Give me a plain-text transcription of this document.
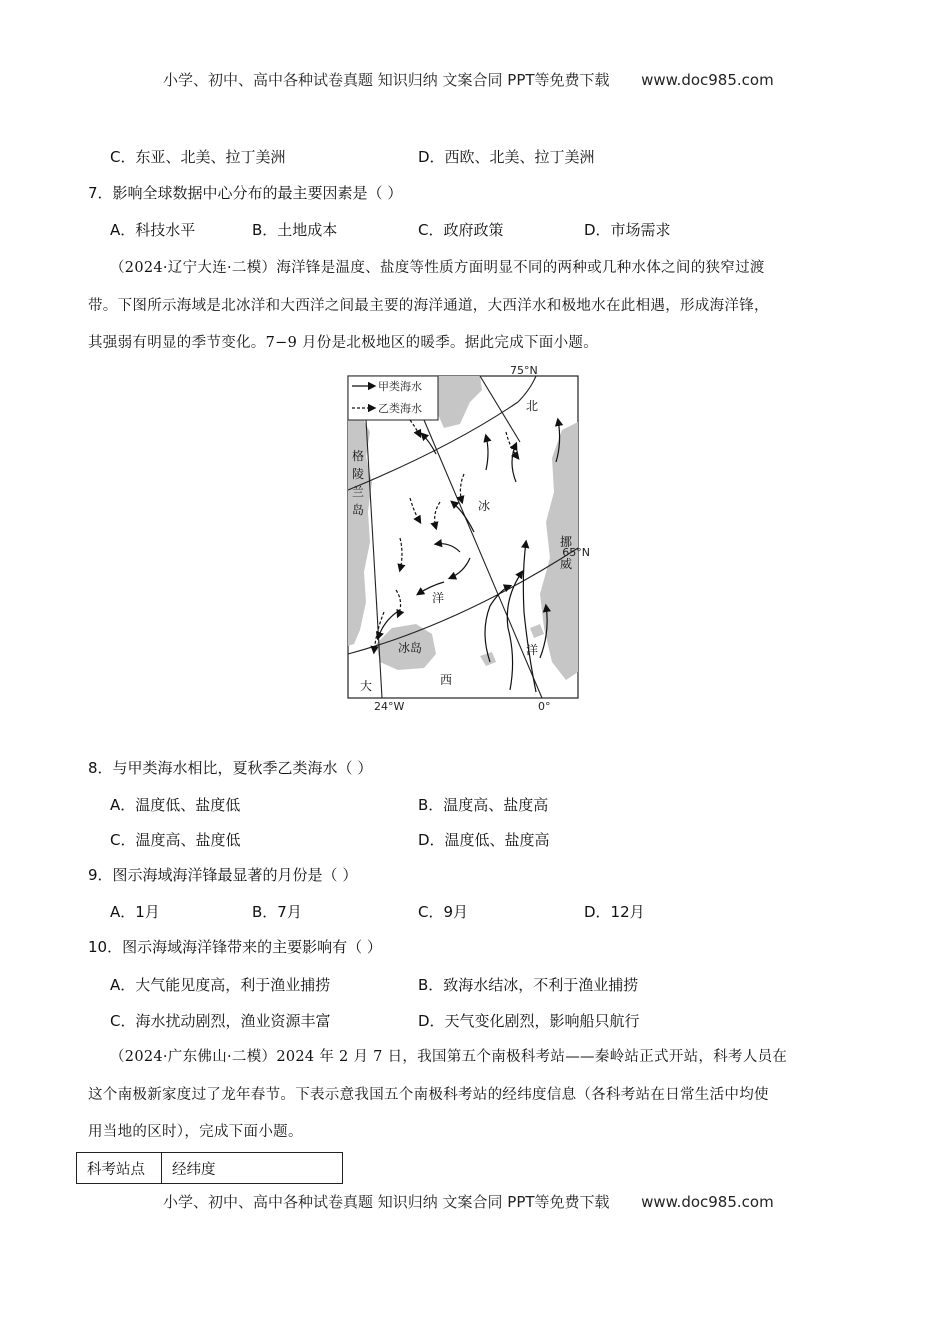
小学、初中、高中各种试卷真题 知识归纳 文案合同 PPT等免费下载 www.doc985.com
C．东亚、北美、拉丁美洲	D．西欧、北美、拉丁美洲
7．影响全球数据中心分布的最主要因素是（ ）
A．科技水平	B．土地成本	C．政府政策	D．市场需求
（2024·辽宁大连·二模）海洋锋是温度、盐度等性质方面明显不同的两种或几种水体之间的狭窄过渡
带。下图所示海域是北冰洋和大西洋之间最主要的海洋通道，大西洋水和极地水在此相遇，形成海洋锋，
其强弱有明显的季节变化。7−9 月份是北极地区的暖季。据此完成下面小题。
甲类海水
乙类海水
75°N
65°N
24°W	0°
格
陵
兰
岛
挪
威
冰岛
北
冰
洋
大	西
洋
8．与甲类海水相比，夏秋季乙类海水（ ）
A．温度低、盐度低	B．温度高、盐度高
C．温度高、盐度低	D．温度低、盐度高
9．图示海域海洋锋最显著的月份是（ ）
A．1月	B．7月	C．9月	D．12月
10．图示海域海洋锋带来的主要影响有（ ）
A．大气能见度高，利于渔业捕捞	B．致海水结冰，不利于渔业捕捞
C．海水扰动剧烈，渔业资源丰富	D．天气变化剧烈，影响船只航行
（2024·广东佛山·二模）2024 年 2 月 7 日，我国第五个南极科考站——秦岭站正式开站，科考人员在
这个南极新家度过了龙年春节。下表示意我国五个南极科考站的经纬度信息（各科考站在日常生活中均使
用当地的区时），完成下面小题。
科考站点	经纬度
小学、初中、高中各种试卷真题 知识归纳 文案合同 PPT等免费下载 www.doc985.com
